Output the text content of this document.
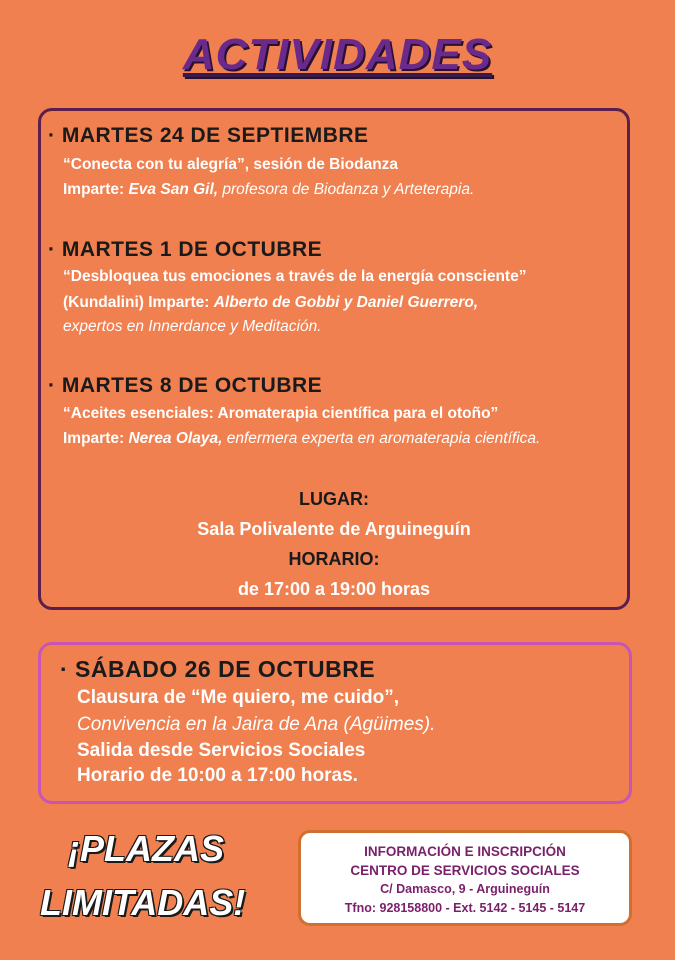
ACTIVIDADES
· MARTES 24 DE SEPTIEMBRE
“Conecta con tu alegría”, sesión de Biodanza
Imparte: Eva San Gil, profesora de Biodanza y Arteterapia.
· MARTES 1 DE OCTUBRE
“Desbloquea tus emociones a través de la energía consciente”
(Kundalini) Imparte: Alberto de Gobbi y Daniel Guerrero,
expertos en Innerdance y Meditación.
· MARTES 8 DE OCTUBRE
“Aceites esenciales: Aromaterapia científica para el otoño”
Imparte: Nerea Olaya, enfermera experta en aromaterapia científica.
LUGAR:
Sala Polivalente de Arguineguín
HORARIO:
de 17:00 a 19:00 horas
· SÁBADO 26 DE OCTUBRE
Clausura de “Me quiero, me cuido”,
Convivencia en la Jaira de Ana (Agüimes).
Salida desde Servicios Sociales
Horario de 10:00 a 17:00 horas.
¡PLAZAS
LIMITADAS!
INFORMACIÓN E INSCRIPCIÓN
CENTRO DE SERVICIOS SOCIALES
C/ Damasco, 9 - Arguineguín
Tfno: 928158800 - Ext. 5142 - 5145 - 5147
